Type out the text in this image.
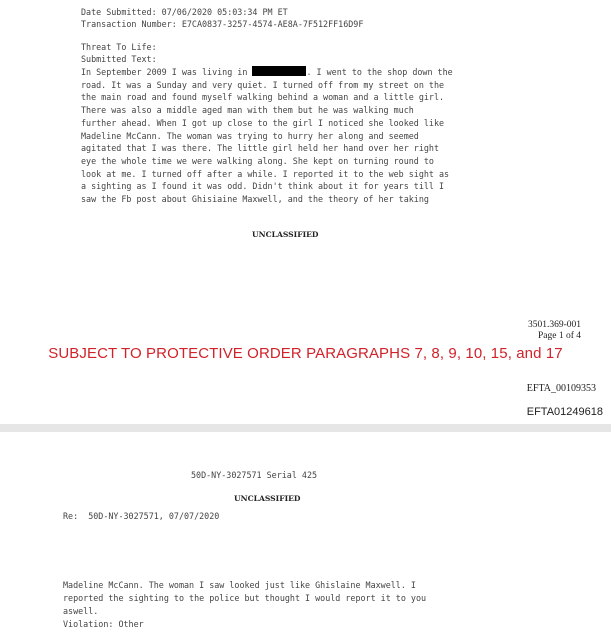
Date Submitted: 07/06/2020 05:03:34 PM ET
Transaction Number: E7CA0837-3257-4574-AE8A-7F512FF16D9F
Threat To Life:
Submitted Text:
In September 2009 I was living in	. I went to the shop down the
road. It was a Sunday and very quiet. I turned off from my street on the
the main road and found myself walking behind a woman and a little girl.
There was also a middle aged man with them but he was walking much
further ahead. When I got up close to the girl I noticed she looked like
Madeline McCann. The woman was trying to hurry her along and seemed
agitated that I was there. The little girl held her hand over her right
eye the whole time we were walking along. She kept on turning round to
look at me. I turned off after a while. I reported it to the web sight as
a sighting as I found it was odd. Didn't think about it for years till I
saw the Fb post about Ghisiaine Maxwell, and the theory of her taking
UNCLASSIFIED
3501.369-001
Page 1 of 4
SUBJECT TO PROTECTIVE ORDER PARAGRAPHS 7, 8, 9, 10, 15, and 17
EFTA_00109353
EFTA01249618
50D-NY-3027571 Serial 425
UNCLASSIFIED
Re:  50D-NY-3027571, 07/07/2020
Madeline McCann. The woman I saw looked just like Ghislaine Maxwell. I
reported the sighting to the police but thought I would report it to you
aswell.
Violation: Other
